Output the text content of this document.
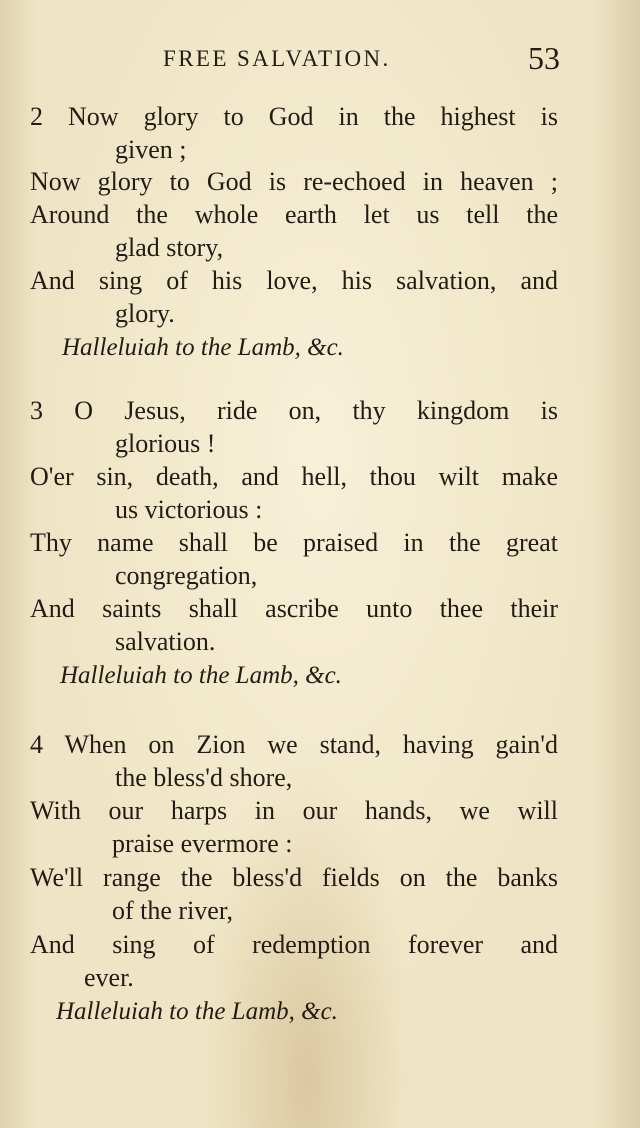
FREE SALVATION.	53
2 Now glory to God in the highest is
given ;
Now glory to God is re-echoed in heaven ;
Around the whole earth let us tell the
glad story,
And sing of his love, his salvation, and
glory.
Halleluiah to the Lamb, &c.
3 O Jesus, ride on, thy kingdom is
glorious !
O'er sin, death, and hell, thou wilt make
us victorious :
Thy name shall be praised in the great
congregation,
And saints shall ascribe unto thee their
salvation.
Halleluiah to the Lamb, &c.
4 When on Zion we stand, having gain'd
the bless'd shore,
With our harps in our hands, we will
praise evermore :
We'll range the bless'd fields on the banks
of the river,
And sing of redemption forever and
ever.
Halleluiah to the Lamb, &c.
